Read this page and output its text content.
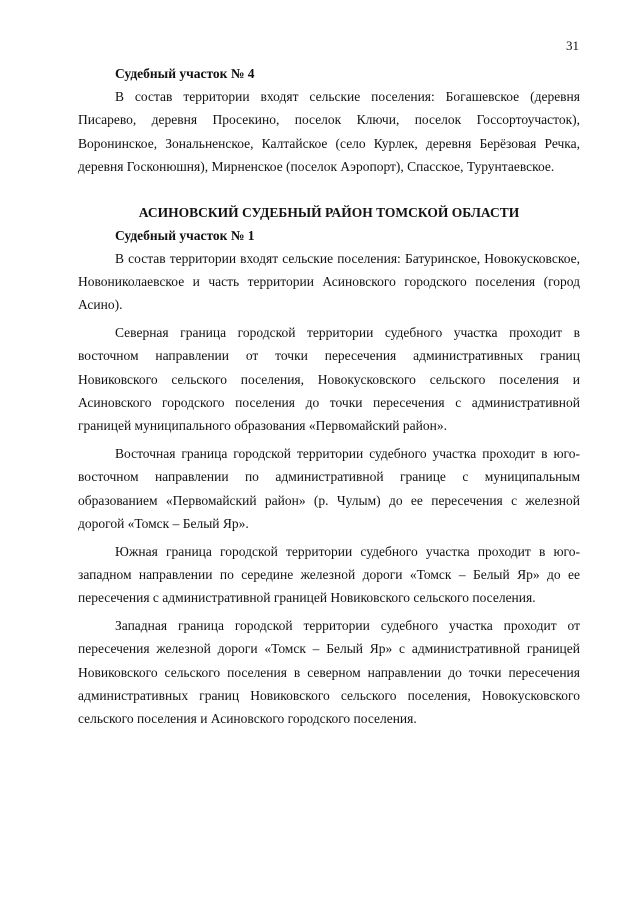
31

Судебный участок № 4

В состав территории входят сельские поселения: Богашевское (деревня Писарево, деревня Просекино, поселок Ключи, поселок Госсортоучасток), Воронинское, Зональненское, Калтайское (село Курлек, деревня Берёзовая Речка, деревня Госконюшня), Мирненское (поселок Аэропорт), Спасское, Турунтаевское.

АСИНОВСКИЙ СУДЕБНЫЙ РАЙОН ТОМСКОЙ ОБЛАСТИ

Судебный участок № 1

В состав территории входят сельские поселения: Батуринское, Новокусковское, Новониколаевское и часть территории Асиновского городского поселения (город Асино).

Северная граница городской территории судебного участка проходит в восточном направлении от точки пересечения административных границ Новиковского сельского поселения, Новокусковского сельского поселения и Асиновского городского поселения до точки пересечения с административной границей муниципального образования «Первомайский район».

Восточная граница городской территории судебного участка проходит в юго-восточном направлении по административной границе с муниципальным образованием «Первомайский район» (р. Чулым) до ее пересечения с железной дорогой «Томск – Белый Яр».

Южная граница городской территории судебного участка проходит в юго-западном направлении по середине железной дороги «Томск – Белый Яр» до ее пересечения с административной границей Новиковского сельского поселения.

Западная граница городской территории судебного участка проходит от пересечения железной дороги «Томск – Белый Яр» с административной границей Новиковского сельского поселения в северном направлении до точки пересечения административных границ Новиковского сельского поселения, Новокусковского сельского поселения и Асиновского городского поселения.
